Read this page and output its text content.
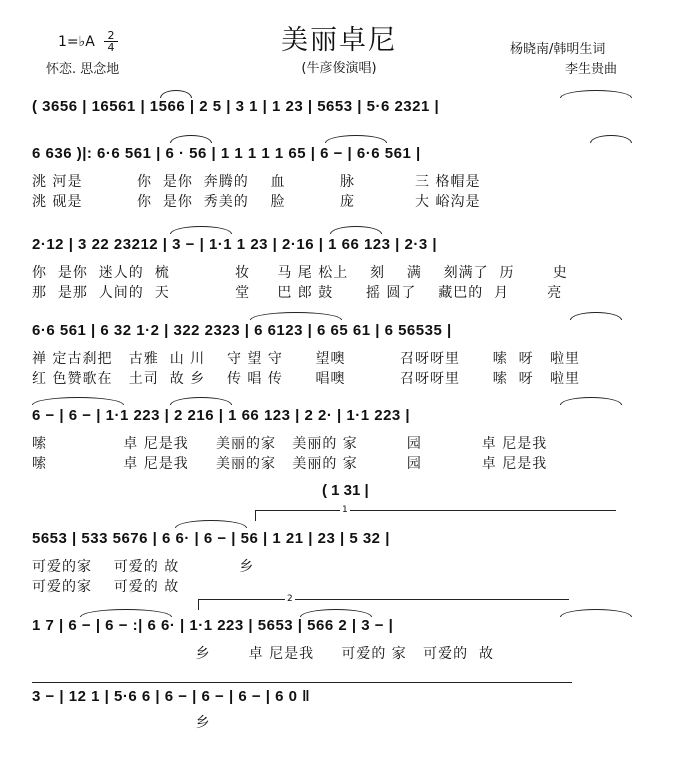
美丽卓尼
(牛彦俊演唱)
1=♭A	2
4
怀恋. 思念地
杨晓南/韩明生词
李生贵曲
( 3656 | 16561 | 1566 | 2 5 | 3 1 | 1 23 | 5653 | 5·6 2321 |
6 636 )|: 6·6 561 | 6 · 56 | 1 1 1 1 1 65 | 6 − | 6·6 561 |
洮 河是          你  是你  奔腾的    血          脉           三 格帽是
洮 砚是          你  是你  秀美的    脸          庞           大 峪沟是
2·12 | 3 22 23212 | 3 − | 1·1 1 23 | 2·16 | 1 66 123 | 2·3 |
你  是你  迷人的  梳            妆     马 尾 松上    刻    满    刻满了  历       史
那  是那  人间的  天            堂     巴 郎 鼓      摇 圆了    藏巴的  月       亮
6·6 561 | 6 32 1·2 | 322 2323 | 6 6123 | 6 65 61 | 6 56535 |
禅 定古刹把   古雅  山 川    守 望 守      望噢          召呀呀里      嗦  呀   啦里
红 色赞歌在   土司  故 乡    传 唱 传      唱噢          召呀呀里      嗦  呀   啦里
6 − | 6 − | 1·1 223 | 2 216 | 1 66 123 | 2 2· | 1·1 223 |
嗦              卓 尼是我     美丽的家   美丽的 家         园           卓 尼是我
嗦              卓 尼是我     美丽的家   美丽的 家         园           卓 尼是我
( 1 31 |
1
5653 | 533 5676 | 6 6· | 6 − | 56 | 1 21 | 23 | 5 32 |
可爱的家    可爱的 故           乡
可爱的家    可爱的 故
2
1 7 | 6 − | 6 − :| 6 6· | 1·1 223 | 5653 | 566 2 | 3 − |
乡       卓 尼是我     可爱的 家   可爱的  故
3 − | 12 1 | 5·6 6 | 6 − | 6 − | 6 − | 6 0 ‖
乡
